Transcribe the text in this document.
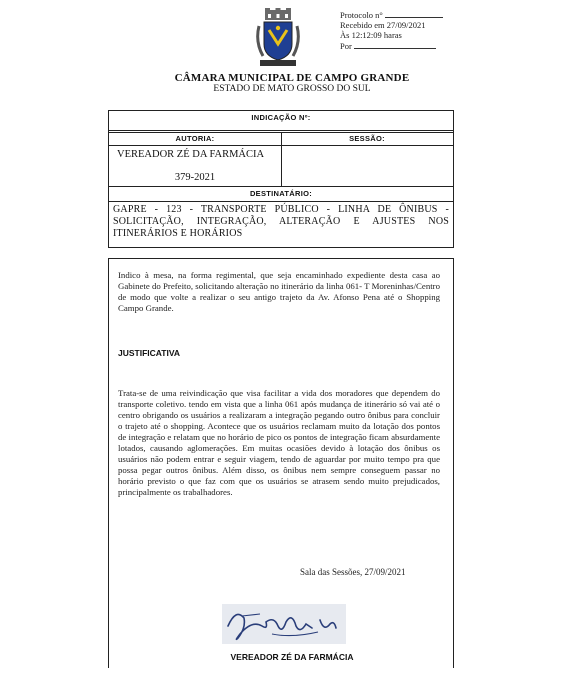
Protocolo n°
Recebido em 27/09/2021
Às 12:12:09 haras
Por
CÂMARA MUNICIPAL DE CAMPO GRANDE
ESTADO DE MATO GROSSO DO SUL
INDICAÇÃO Nº:
AUTORIA:	SESSÃO:
VEREADOR ZÉ DA FARMÁCIA
379-2021
DESTINATÁRIO:
GAPRE - 123 - TRANSPORTE PÚBLICO - LINHA DE ÔNIBUS - SOLICITAÇÃO, INTEGRAÇÃO, ALTERAÇÃO E AJUSTES NOS ITINERÁRIOS E HORÁRIOS
Indico à mesa, na forma regimental, que seja encaminhado expediente desta casa ao Gabinete do Prefeito, solicitando alteração no itinerário da linha 061- T Moreninhas/Centro de modo que volte a realizar o seu antigo trajeto da Av. Afonso Pena até o Shopping Campo Grande.
JUSTIFICATIVA
Trata-se de uma reivindicação que visa facilitar a vida dos moradores que dependem do transporte coletivo. tendo em vista que a linha 061 após mudança de itinerário só vai até o centro obrigando os usuários a realizaram a integração pegando outro ônibus para concluir o trajeto até o shopping. Acontece que os usuários reclamam muito da lotação dos pontos de integração e relatam que no horário de pico os pontos de integração ficam absurdamente lotados, causando aglomerações. Em muitas ocasiões devido à lotação dos ônibus os usuários não podem entrar e seguir viagem, tendo de aguardar por muito tempo pra que possa pegar outros ônibus. Além disso, os ônibus nem sempre conseguem passar no horário previsto o que faz com que os usuários se atrasem sendo muito prejudicados, principalmente os trabalhadores.
Sala das Sessões, 27/09/2021
VEREADOR ZÉ DA FARMÁCIA
